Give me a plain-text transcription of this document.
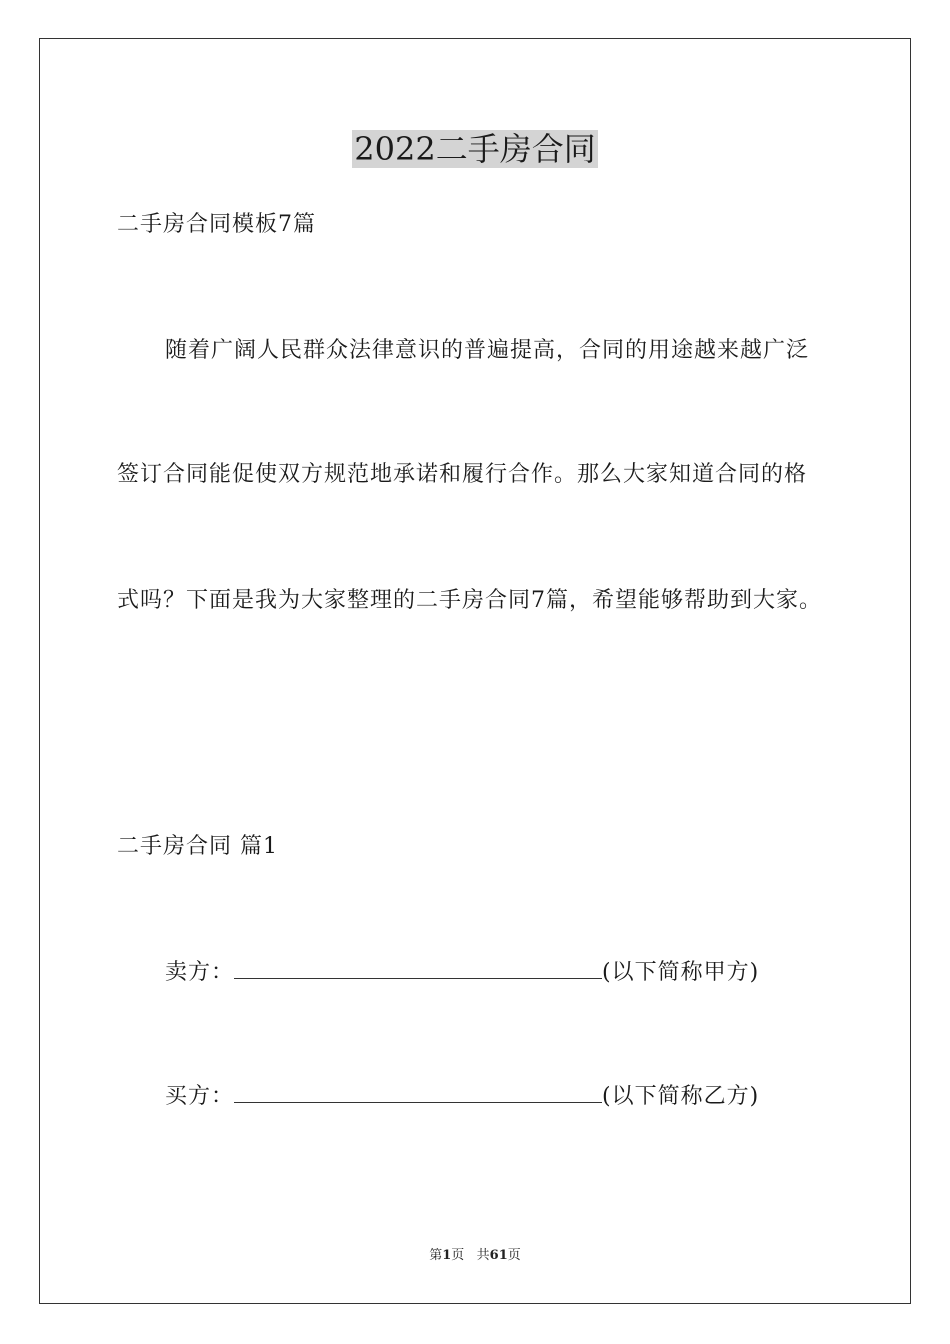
2022二手房合同
二手房合同模板7篇
随着广阔人民群众法律意识的普遍提高，合同的用途越来越广泛
签订合同能促使双方规范地承诺和履行合作。那么大家知道合同的格
式吗？下面是我为大家整理的二手房合同7篇，希望能够帮助到大家。
二手房合同 篇1
卖方：	(以下简称甲方)
买方：	(以下简称乙方)
第1页   共61页
